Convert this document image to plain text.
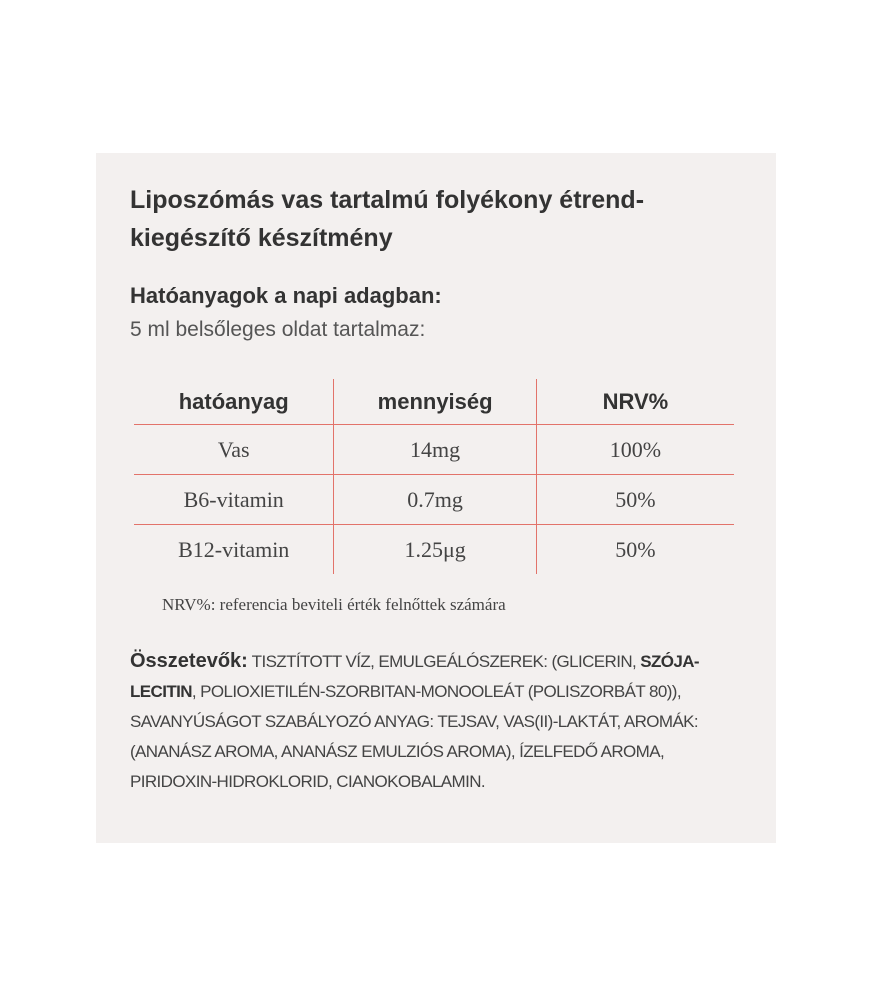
Liposzómás vas tartalmú folyékony étrend-
kiegészítő készítmény
Hatóanyagok a napi adagban:

5 ml belsőleges oldat tartalmaz:

hatóanyag	mennyiség	NRV%
Vas	14mg	100%
B6-vitamin	0.7mg	50%
B12-vitamin	1.25μg	50%

NRV%: referencia beviteli érték felnőttek számára

Összetevők: TISZTÍTOTT VÍZ, EMULGEÁLÓSZEREK: (GLICERIN, SZÓJA-
LECITIN, POLIOXIETILÉN-SZORBITAN-MONOOLEÁT (POLISZORBÁT 80)),
SAVANYÚSÁGOT SZABÁLYOZÓ ANYAG: TEJSAV, VAS(II)-LAKTÁT, AROMÁK:
(ANANÁSZ AROMA, ANANÁSZ EMULZIÓS AROMA), ÍZELFEDŐ AROMA,
PIRIDOXIN-HIDROKLORID, CIANOKOBALAMIN.
